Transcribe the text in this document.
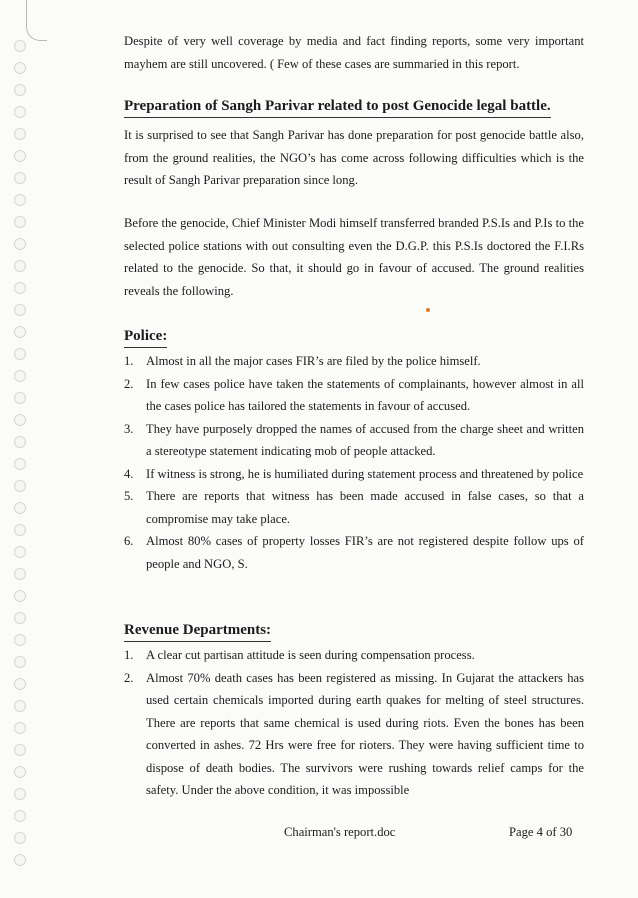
Despite of very well coverage by media and fact finding reports, some very important mayhem are still uncovered. ( Few of these cases are summaried in this report.

Preparation of Sangh Parivar related to post Genocide legal battle.

It is surprised to see that Sangh Parivar has done preparation for post genocide battle also, from the ground realities, the NGO’s has come across following difficulties which is the result of Sangh Parivar preparation since long.

Before the genocide, Chief Minister Modi himself transferred branded P.S.Is and P.Is to the selected police stations with out consulting even the D.G.P. this P.S.Is doctored the F.I.Rs related to the genocide. So that, it should go in favour of accused. The ground realities reveals the following.

Police:
1. Almost in all the major cases FIR’s are filed by the police himself.
2. In few cases police have taken the statements of complainants, however almost in all the cases police has tailored the statements in favour of accused.
3. They have purposely dropped the names of accused from the charge sheet and written a stereotype statement indicating mob of people attacked.
4. If witness is strong, he is humiliated during statement process and threatened by police
5. There are reports that witness has been made accused in false cases, so that a compromise may take place.
6. Almost 80% cases of property losses FIR’s are not registered despite follow ups of people and NGO, S.
Revenue Departments:
1. A clear cut partisan attitude is seen during compensation process.
2. Almost 70% death cases has been registered as missing. In Gujarat the attackers has used certain chemicals imported during earth quakes for melting of steel structures. There are reports that same chemical is used during riots. Even the bones has been converted in ashes. 72 Hrs were free for rioters. They were having sufficient time to dispose of death bodies. The survivors were rushing towards relief camps for the safety. Under the above condition, it was impossible
Chairman's report.doc	Page 4 of 30
